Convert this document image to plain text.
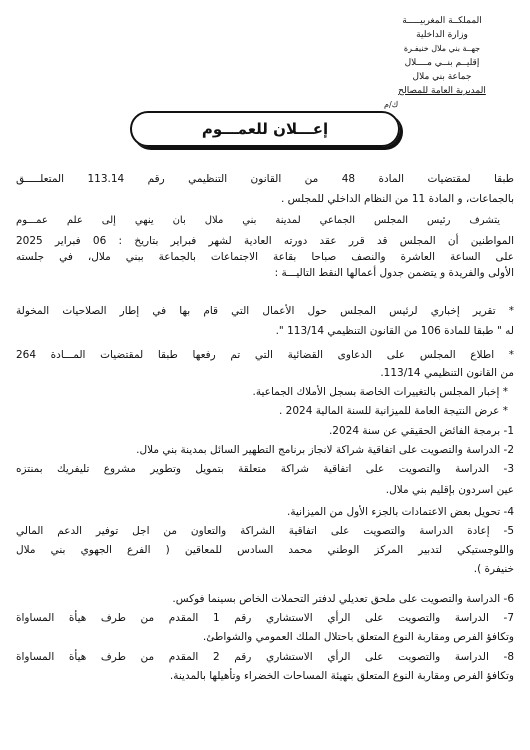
المملكــة المغربيـــــة
وزارة الداخلية
جهــة بني ملال خنيفـرة
إقليــم بنــي مــــلال
جماعة بني ملال
المديرية العامة للمصالح
ك/م
إعـــلان للعمـــوم
طبقا لمقتضيات المادة 48 من القانون التنظيمي رقم 113.14 المتعلـــــق
بالجماعات، و المادة 11 من النظام الداخلي للمجلس .
يتشرف رئيس المجلس الجماعي لمدينة بني ملال بان ينهي إلى علم عمـــوم
المواطنين أن المجلس قد قرر عقد دورته العادية لشهر فبراير بتاريخ : 06 فبراير 2025
على الساعة العاشرة والنصف صباحا بقاعة الاجتماعات بالجماعة ببني ملال، في جلسته
الأولى والفريدة و يتضمن جدول أعمالها النقط التاليـــة :
* تقرير إخباري لرئيس المجلس حول الأعمال التي قام بها في إطار الصلاحيات المخولة
له " طبقا للمادة 106 من القانون التنظيمي 113/14 ".
* اطلاع المجلس على الدعاوى القضائية التي تم رفعها طبقا لمقتضيات المـــادة 264
من القانون التنظيمي 113/14.
* إخبار المجلس بالتغييرات الخاصة بسجل الأملاك الجماعية.
* عرض النتيجة العامة للميزانية للسنة المالية 2024 .
1- برمجة الفائض الحقيقي عن سنة 2024.
2- الدراسة والتصويت على اتفاقية شراكة لانجاز برنامج التطهير السائل بمدينة بني ملال.
3- الدراسة والتصويت على اتفاقية شراكة متعلقة بتمويل وتطوير مشروع تليفريك بمنتزه
عين اسردون بإقليم بني ملال.
4- تحويل بعض الاعتمادات بالجزء الأول من الميزانية.
5- إعادة الدراسة والتصويت على اتفاقية الشراكة والتعاون من اجل توفير الدعم المالي
واللوجستيكي لتدبير المركز الوطني محمد السادس للمعاقين ( الفرع الجهوي بني ملال
خنيفرة ).
6- الدراسة والتصويت على ملحق تعديلي لدفتر التحملات الخاص بسينما فوكس.
7- الدراسة والتصويت على الرأي الاستشاري رقم 1 المقدم من طرف هيأة المساواة
وتكافؤ الفرص ومقاربة النوع المتعلق باحتلال الملك العمومي والشواطئ.
8- الدراسة والتصويت على الرأي الاستشاري رقم 2 المقدم من طرف هيأة المساواة
وتكافؤ الفرص ومقاربة النوع المتعلق بتهيئة المساحات الخضراء وتأهيلها بالمدينة.
